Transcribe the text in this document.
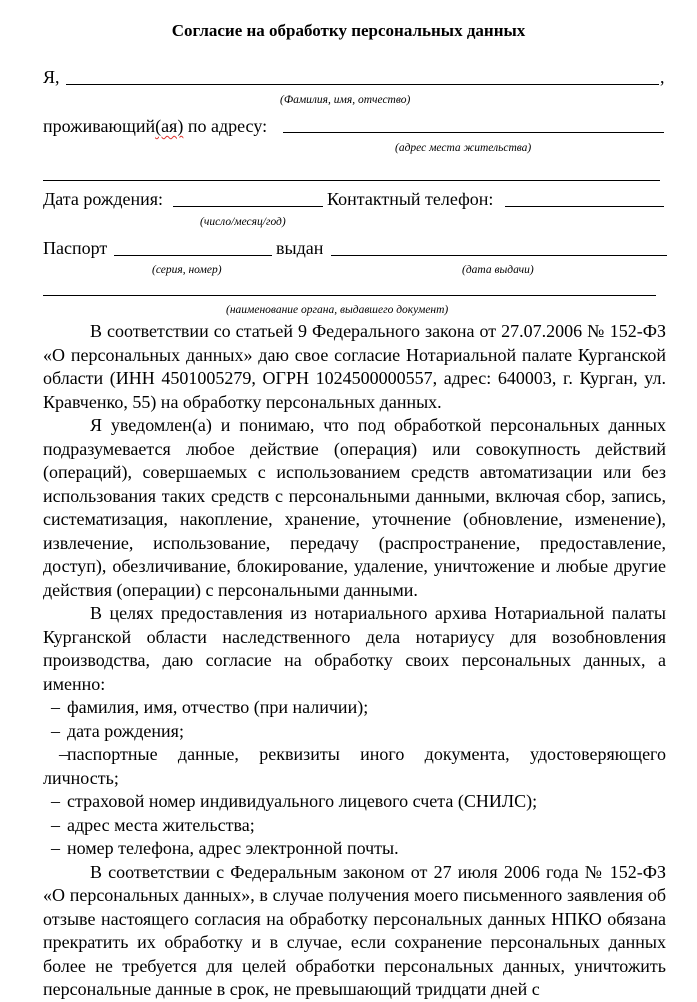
Согласие на обработку персональных данных
Я,	,
(Фамилия, имя, отчество)
проживающий(ая) по адресу:
(адрес места жительства)
Дата рождения:	Контактный телефон:
(число/месяц/год)
Паспорт	выдан
(серия, номер)	(дата выдачи)
(наименование органа, выдавшего документ)

В соответствии со статьей 9 Федерального закона от 27.07.2006 № 152-ФЗ «О персональных данных» даю свое согласие Нотариальной палате Курганской области (ИНН 4501005279, ОГРН 1024500000557, адрес: 640003, г. Курган, ул. Кравченко, 55) на обработку персональных данных.

Я уведомлен(а) и понимаю, что под обработкой персональных данных подразумевается любое действие (операция) или совокупность действий (операций), совершаемых с использованием средств автоматизации или без использования таких средств с персональными данными, включая сбор, запись, систематизация, накопление, хранение, уточнение (обновление, изменение), извлечение, использование, передачу (распространение, предоставление, доступ), обезличивание, блокирование, удаление, уничтожение и любые другие действия (операции) с персональными данными.

В целях предоставления из нотариального архива Нотариальной палаты Курганской области наследственного дела нотариусу для возобновления производства, даю согласие на обработку своих персональных данных, а именно:

– фамилия, имя, отчество (при наличии);

– дата рождения;

–паспортные данные, реквизиты иного документа, удостоверяющего личность;

– страховой номер индивидуального лицевого счета (СНИЛС);

– адрес места жительства;

– номер телефона, адрес электронной почты.

В соответствии с Федеральным законом от 27 июля 2006 года № 152-ФЗ «О персональных данных», в случае получения моего письменного заявления об отзыве настоящего согласия на обработку персональных данных НПКО обязана прекратить их обработку и в случае, если сохранение персональных данных более не требуется для целей обработки персональных данных, уничтожить персональные данные в срок, не превышающий тридцати дней с
